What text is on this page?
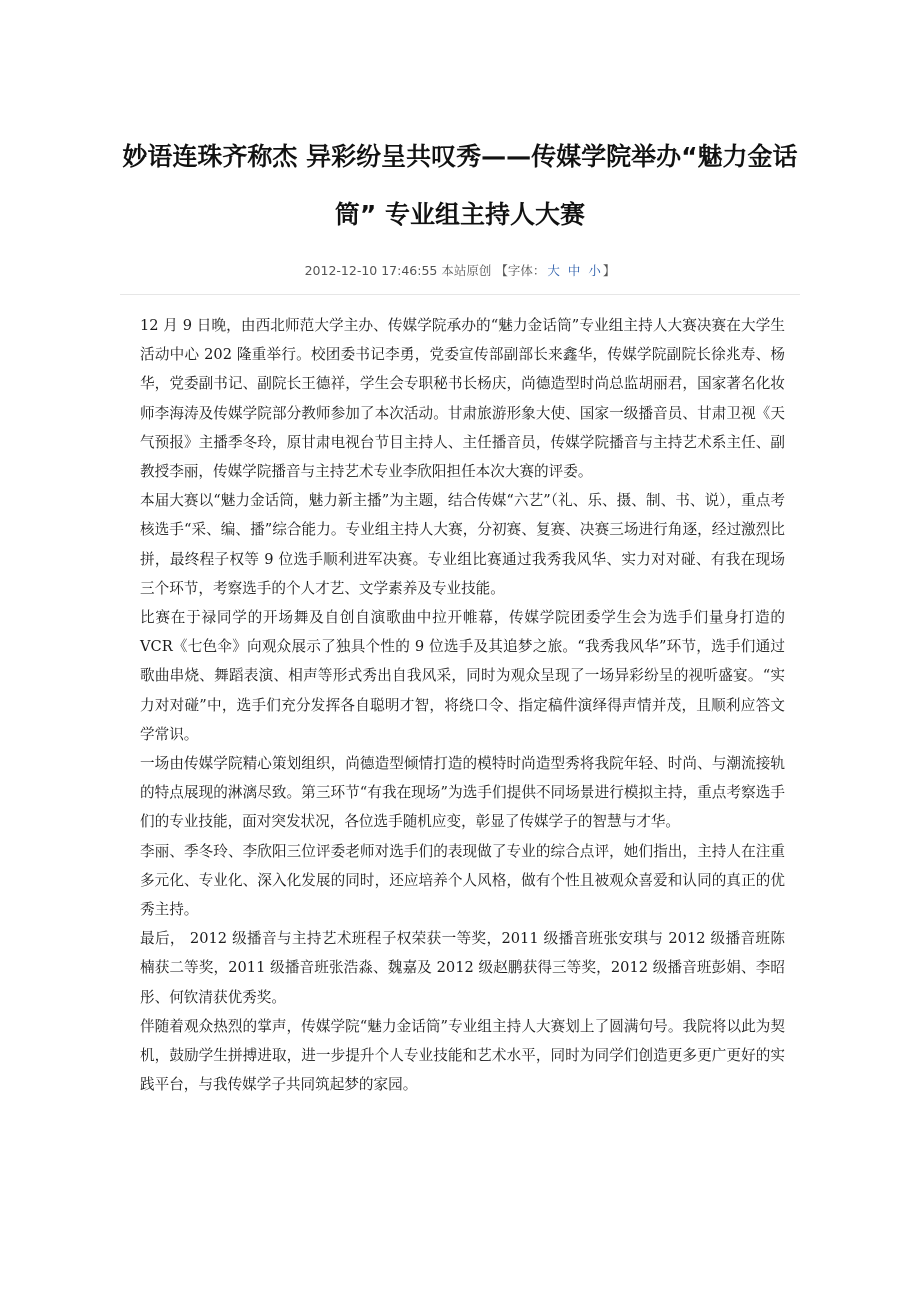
妙语连珠齐称杰 异彩纷呈共叹秀——传媒学院举办“魅力金话筒” 专业组主持人大赛
2012-12-10 17:46:55 本站原创 【字体： 大 中 小 】

12 月 9 日晚，由西北师范大学主办、传媒学院承办的“魅力金话筒”专业组主持人大赛决赛在大学生活动中心 202 隆重举行。校团委书记李勇，党委宣传部副部长来鑫华，传媒学院副院长徐兆寿、杨华，党委副书记、副院长王德祥，学生会专职秘书长杨庆，尚德造型时尚总监胡丽君，国家著名化妆师李海涛及传媒学院部分教师参加了本次活动。甘肃旅游形象大使、国家一级播音员、甘肃卫视《天气预报》主播季冬玲，原甘肃电视台节目主持人、主任播音员，传媒学院播音与主持艺术系主任、副教授李丽，传媒学院播音与主持艺术专业李欣阳担任本次大赛的评委。

本届大赛以“魅力金话筒，魅力新主播”为主题，结合传媒“六艺”（礼、乐、摄、制、书、说），重点考核选手“采、编、播”综合能力。专业组主持人大赛，分初赛、复赛、决赛三场进行角逐，经过激烈比拼，最终程子权等 9 位选手顺利进军决赛。专业组比赛通过我秀我风华、实力对对碰、有我在现场三个环节，考察选手的个人才艺、文学素养及专业技能。

比赛在于禄同学的开场舞及自创自演歌曲中拉开帷幕，传媒学院团委学生会为选手们量身打造的 VCR《七色伞》向观众展示了独具个性的 9 位选手及其追梦之旅。“我秀我风华”环节，选手们通过歌曲串烧、舞蹈表演、相声等形式秀出自我风采，同时为观众呈现了一场异彩纷呈的视听盛宴。“实力对对碰”中，选手们充分发挥各自聪明才智，将绕口令、指定稿件演绎得声情并茂，且顺利应答文学常识。

一场由传媒学院精心策划组织，尚德造型倾情打造的模特时尚造型秀将我院年轻、时尚、与潮流接轨的特点展现的淋漓尽致。第三环节“有我在现场”为选手们提供不同场景进行模拟主持，重点考察选手们的专业技能，面对突发状况，各位选手随机应变，彰显了传媒学子的智慧与才华。

李丽、季冬玲、李欣阳三位评委老师对选手们的表现做了专业的综合点评，她们指出，主持人在注重多元化、专业化、深入化发展的同时，还应培养个人风格，做有个性且被观众喜爱和认同的真正的优秀主持。

最后， 2012 级播音与主持艺术班程子权荣获一等奖，2011 级播音班张安琪与 2012 级播音班陈楠获二等奖，2011 级播音班张浩淼、魏嘉及 2012 级赵鹏获得三等奖，2012 级播音班彭娟、李昭彤、何钦清获优秀奖。

伴随着观众热烈的掌声，传媒学院“魅力金话筒”专业组主持人大赛划上了圆满句号。我院将以此为契机，鼓励学生拼搏进取，进一步提升个人专业技能和艺术水平，同时为同学们创造更多更广更好的实践平台，与我传媒学子共同筑起梦的家园。
